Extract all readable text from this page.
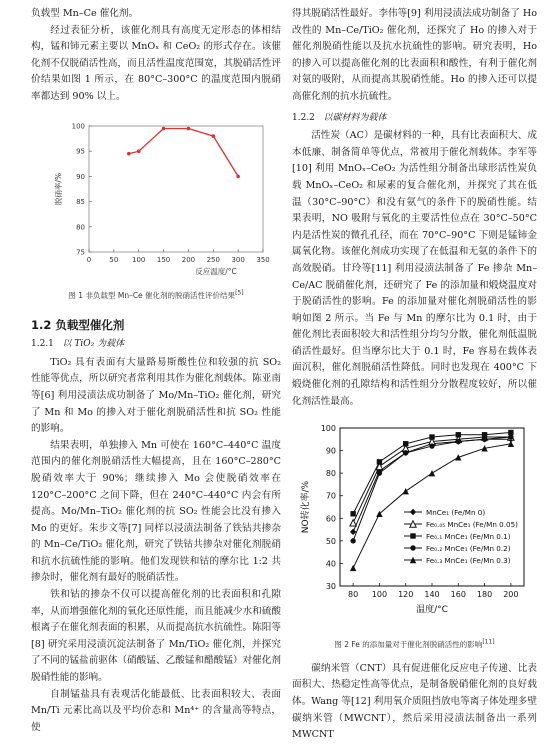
负载型 Mn–Ce 催化剂。

经过表征分析，该催化剂具有高度无定形态的体相结构，锰和铈元素主要以 MnOₓ 和 CeO₂ 的形式存在。该催化剂不仅脱硝活性高，而且活性温度范围宽，其脱硝活性评价结果如图 1 所示，在 80°C–300°C 的温度范围内脱硝率都达到 90% 以上。

0	50 100 150 200 250 300 350
75
80
85
90
95
100
反应温度/°C
脱硝率/%
图 1 非负载型 Mn–Ce 催化剂的脱硝活性评价结果[5]
1.2 负载型催化剂
1.2.1 以 TiO₂ 为载体

TiO₂ 具有表面有大量路易斯酸性位和较强的抗 SO₂ 性能等优点，所以研究者常利用其作为催化剂载体。陈亚南等[6] 利用浸渍法成功制备了 Mo/Mn–TiO₂ 催化剂，研究了 Mn 和 Mo 的掺入对于催化剂脱硝活性和抗 SO₂ 性能的影响。

结果表明，单独掺入 Mn 可使在 160°C–440°C 温度范围内的催化剂脱硝活性大幅提高，且在 160°C–280°C 脱硝效率大于 90%；继续掺入 Mo 会使脱硝效率在 120°C–200°C 之间下降，但在 240°C–440°C 内会有所提高。Mo/Mn–TiO₂ 催化剂的抗 SO₂ 性能会比没有掺入 Mo 的更好。朱步文等[7] 同样以浸渍法制备了铁钴共掺杂的 Mn–Ce/TiO₂ 催化剂，研究了铁钴共掺杂对催化剂脱硝和抗水抗硫性能的影响。他们发现铁和钴的摩尔比 1:2 共掺杂时，催化剂有最好的脱硝活性。

铁和钴的掺杂不仅可以提高催化剂的比表面积和孔隙率，从而增强催化剂的氧化还原性能，而且能减少水和硫酸根离子在催化剂表面的积累，从而提高抗水抗硫性。陈阳等[8] 研究采用浸渍沉淀法制备了 Mn/TiO₂ 催化剂，并探究了不同的锰盐前驱体（硝酸锰、乙酸锰和醋酸锰）对催化剂脱硝性能的影响。

自制锰盐具有表观活化能最低、比表面积较大、表面 Mn/Ti 元素比高以及平均价态和 Mn⁴⁺ 的含量高等特点，使

得其脱硝活性最好。李伟等[9] 利用浸渍法成功制备了 Ho 改性的 Mn–Ce/TiO₂ 催化剂，还探究了 Ho 的掺入对于催化剂脱硝性能以及抗水抗硫性的影响。研究表明，Ho 的掺入可以提高催化剂的比表面积和酸性，有利于催化剂对氨的吸附，从而提高其脱硝性能。Ho 的掺入还可以提高催化剂的抗水抗硫性。

1.2.2 以碳材料为载体

活性炭（AC）是碳材料的一种，具有比表面积大、成本低廉、制备简单等优点，常被用于催化剂载体。李军等[10] 利用 MnOₓ–CeO₂ 为活性组分制备出球形活性炭负载 MnOₓ–CeO₂ 和尿素的复合催化剂，并探究了其在低温（30°C–90°C）和没有氨气的条件下的脱硝性能。结果表明，NO 吸附与氧化的主要活性位点在 30°C–50°C 内是活性炭的微孔孔径，而在 70°C–90°C 下则是锰铈金属氧化物。该催化剂成功实现了在低温和无氨的条件下的高效脱硝。甘玲等[11] 利用浸渍法制备了 Fe 掺杂 Mn–Ce/AC 脱硝催化剂，还研究了 Fe 的添加量和煅烧温度对于脱硝活性的影响。Fe 的添加量对催化剂脱硝活性的影响如图 2 所示。当 Fe 与 Mn 的摩尔比为 0.1 时，由于催化剂比表面积较大和活性组分均匀分散，催化剂低温脱硝活性最好。但当摩尔比大于 0.1 时，Fe 容易在载体表面沉积，催化剂脱硝活性降低。同时也发现在 400°C 下煅烧催化剂的孔隙结构和活性组分分散程度较好，所以催化剂活性最高。

80 100 120 140 160 180 200
30
40
50
60
70
80
90
100
温度/°C
NO转化率/%	MnCe₁ (Fe/Mn 0)
Fe₀.₀₅ MnCe₁ (Fe/Mn 0.05)
Fe₀.₁ MnCe₁ (Fe/Mn 0.1)
Fe₀.₂ MnCe₁ (Fe/Mn 0.2)
Fe₀.₃ MnCe₁ (Fe/Mn 0.3)
图 2 Fe 的添加量对于催化剂脱硝活性的影响[11]

碳纳米管（CNT）具有促进催化反应电子传递、比表面积大、热稳定性高等优点，是制备脱硝催化剂的良好载体。Wang 等[12] 利用氧介质阻挡放电等离子体处理多壁碳纳米管（MWCNT），然后采用浸渍法制备出一系列 MWCNT
